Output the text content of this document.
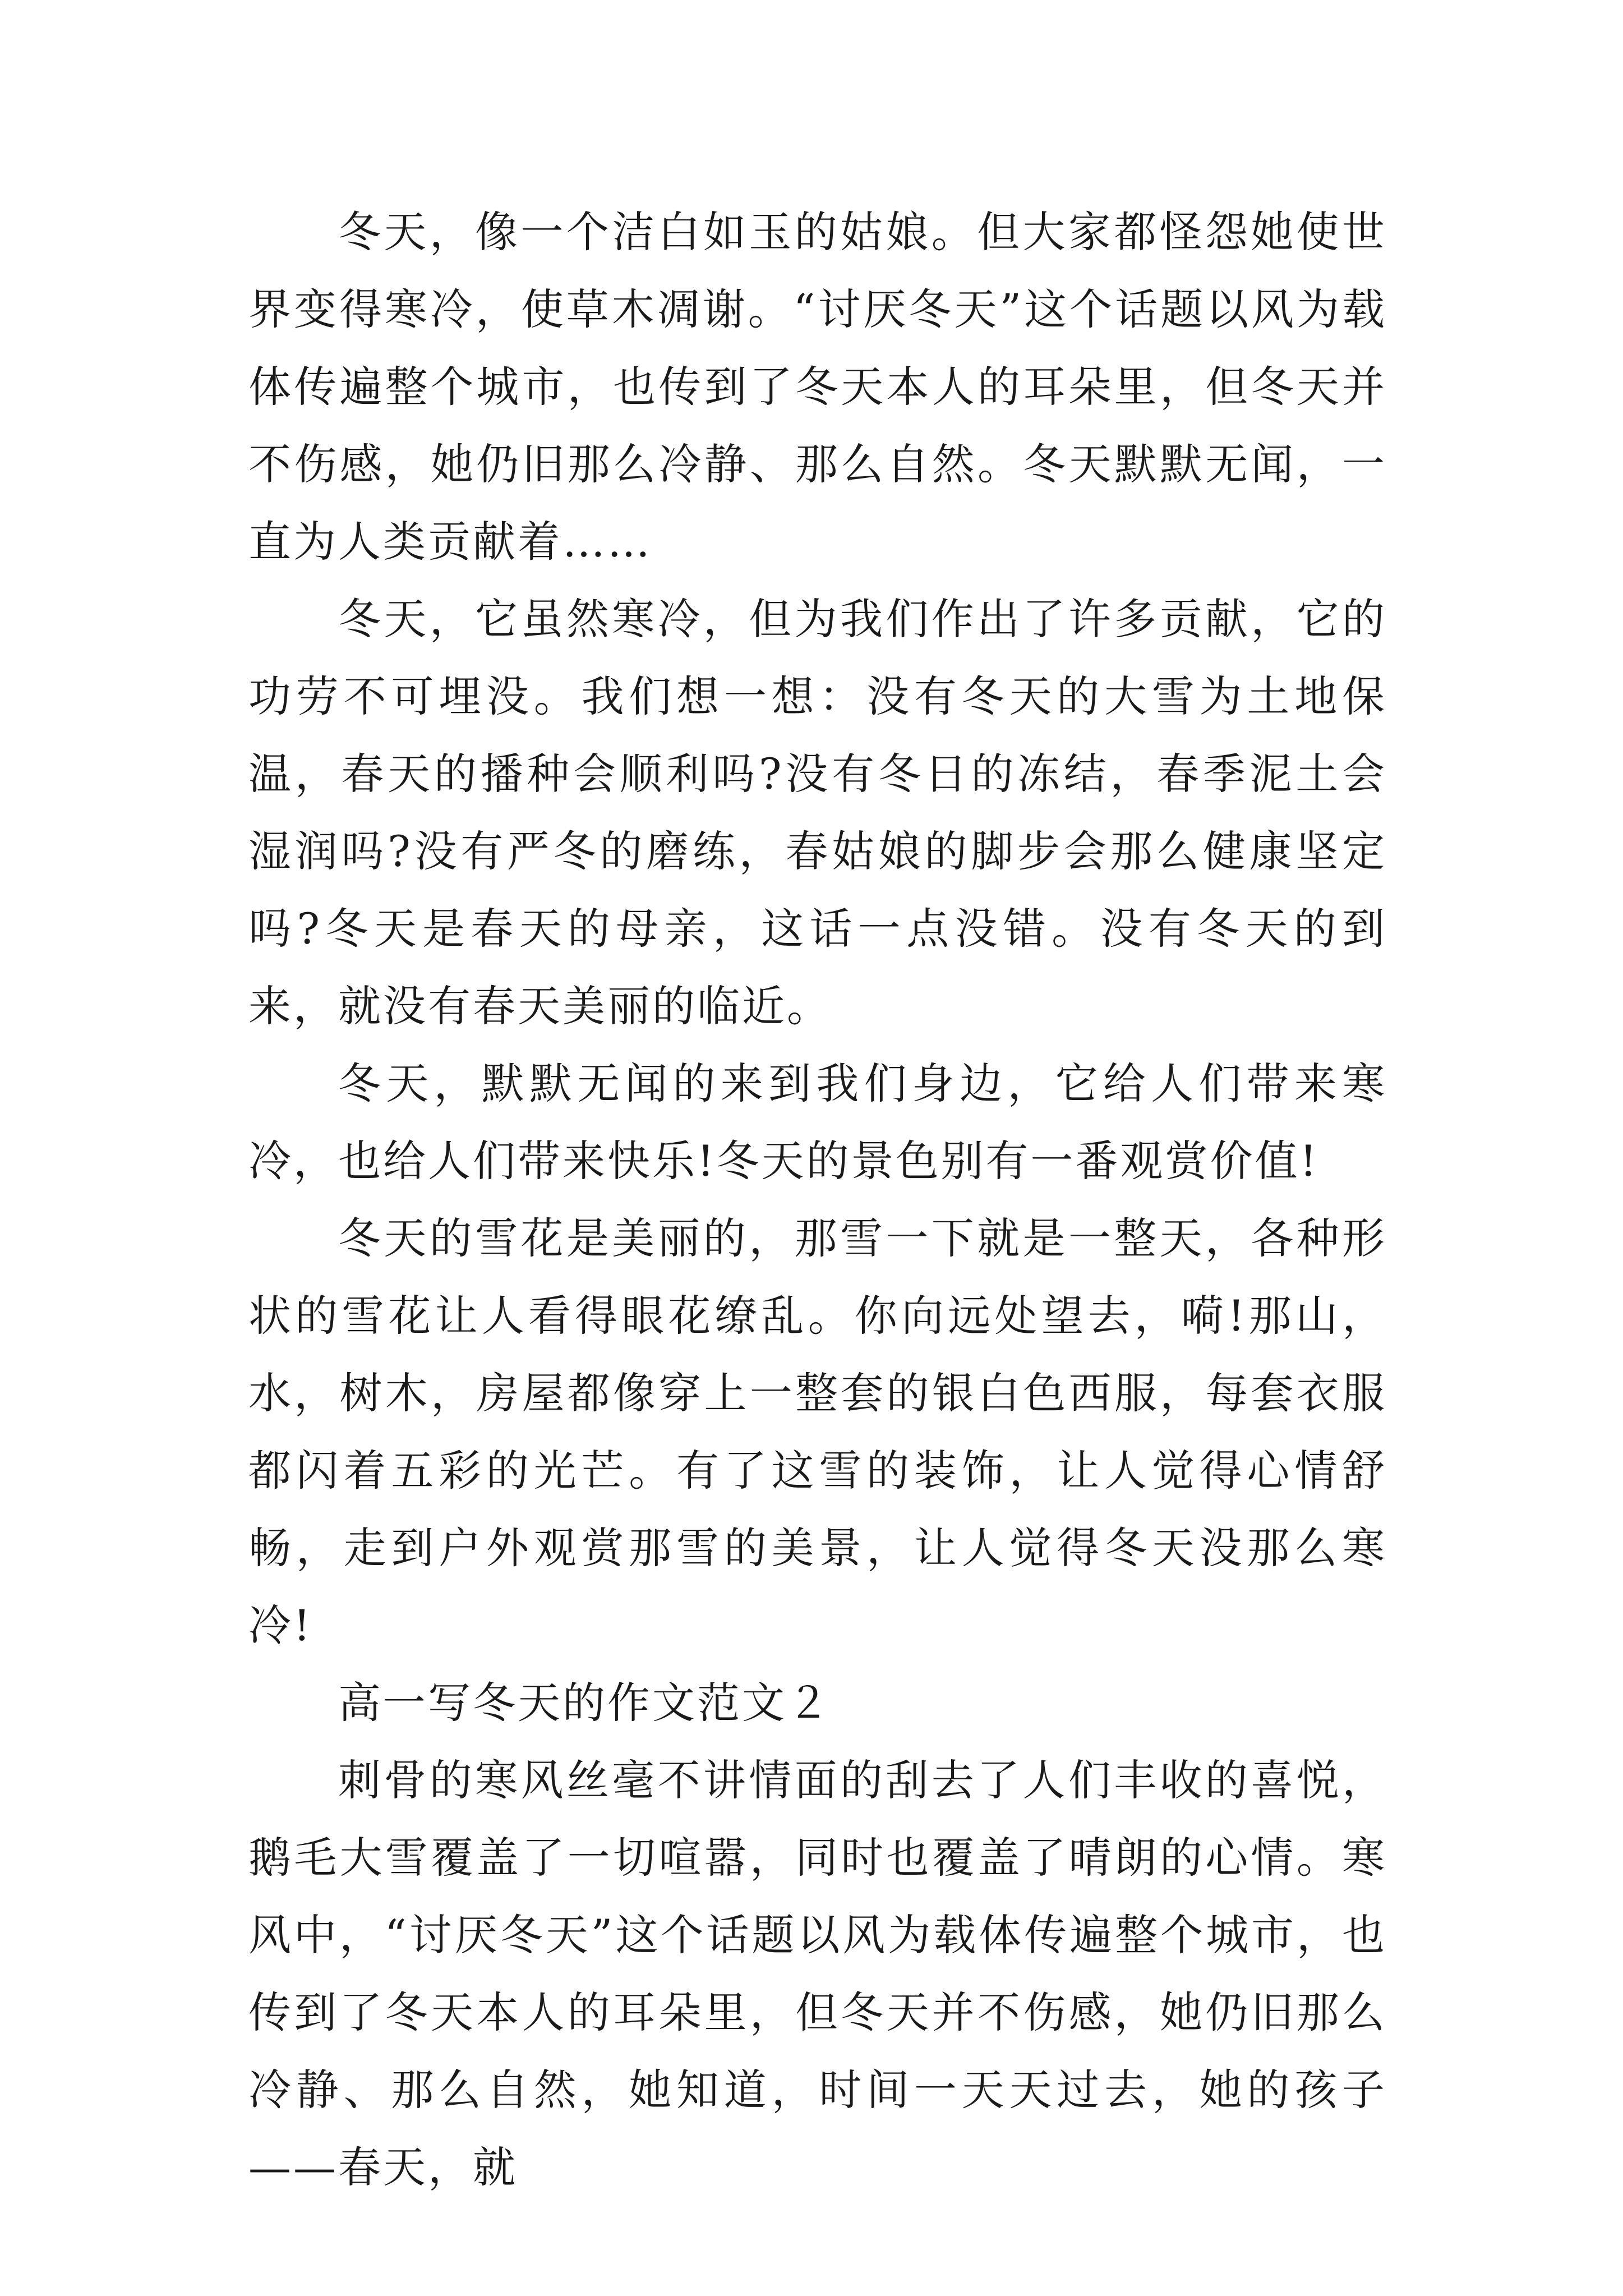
冬天，像一个洁白如玉的姑娘。但大家都怪怨她使世界变得寒冷，使草木凋谢。“讨厌冬天”这个话题以风为载体传遍整个城市，也传到了冬天本人的耳朵里，但冬天并不伤感，她仍旧那么冷静、那么自然。冬天默默无闻，一直为人类贡献着……

冬天，它虽然寒冷，但为我们作出了许多贡献，它的功劳不可埋没。我们想一想：没有冬天的大雪为土地保温，春天的播种会顺利吗?没有冬日的冻结，春季泥土会湿润吗?没有严冬的磨练，春姑娘的脚步会那么健康坚定吗?冬天是春天的母亲，这话一点没错。没有冬天的到来，就没有春天美丽的临近。

冬天，默默无闻的来到我们身边，它给人们带来寒冷，也给人们带来快乐!冬天的景色别有一番观赏价值!

冬天的雪花是美丽的，那雪一下就是一整天，各种形状的雪花让人看得眼花缭乱。你向远处望去，嗬!那山，水，树木，房屋都像穿上一整套的银白色西服，每套衣服都闪着五彩的光芒。有了这雪的装饰，让人觉得心情舒畅，走到户外观赏那雪的美景，让人觉得冬天没那么寒冷!

高一写冬天的作文范文２

刺骨的寒风丝毫不讲情面的刮去了人们丰收的喜悦，鹅毛大雪覆盖了一切喧嚣，同时也覆盖了晴朗的心情。寒风中，“讨厌冬天”这个话题以风为载体传遍整个城市，也传到了冬天本人的耳朵里，但冬天并不伤感，她仍旧那么冷静、那么自然，她知道，时间一天天过去，她的孩子——春天，就
